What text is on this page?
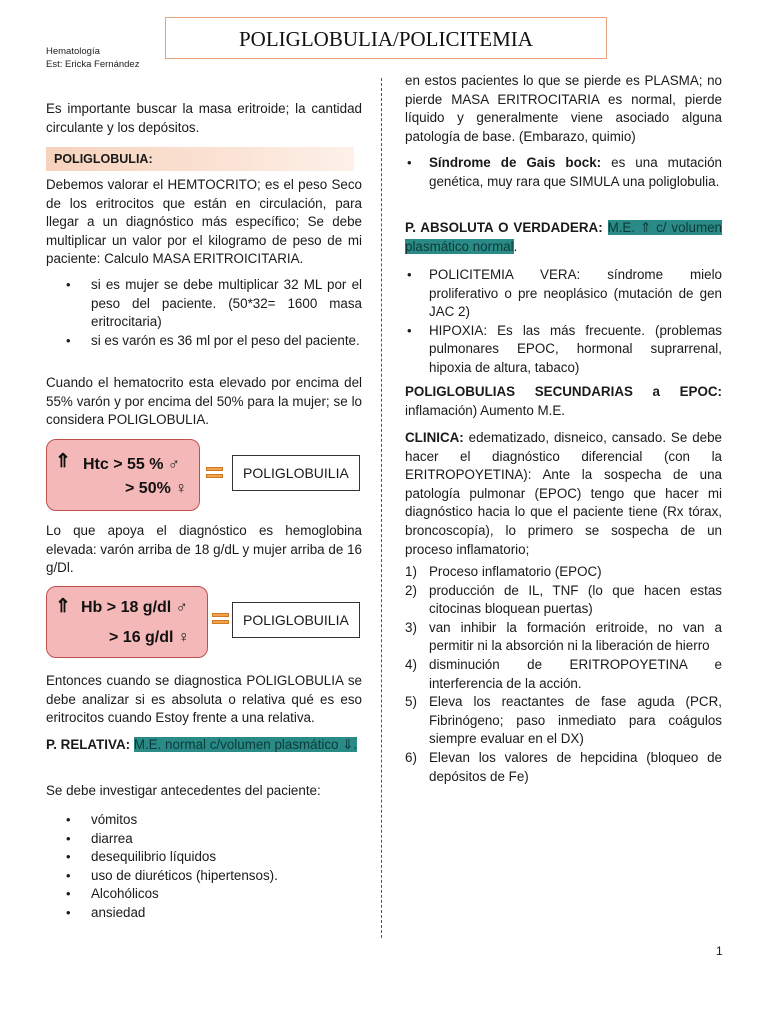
POLIGLOBULIA/POLICITEMIA
Hematología
Est: Ericka Fernández

Es importante buscar la masa eritroide; la cantidad circulante y los depósitos.

POLIGLOBULIA:

Debemos valorar el HEMTOCRITO; es el peso Seco de los eritrocitos que están en circulación, para llegar a un diagnóstico más específico; Se debe multiplicar un valor por el kilogramo de peso de mi paciente: Calculo MASA ERITROICITARIA.

• si es mujer se debe multiplicar 32 ML por el peso del paciente. (50*32= 1600 masa eritrocitaria)
• si es varón es 36 ml por el peso del paciente.

Cuando el hematocrito esta elevado por encima del 55% varón y por encima del 50% para la mujer; se lo considera POLIGLOBULIA.

⇑ Htc > 55 % ♂
> 50% ♀
POLIGLOBUILIA

Lo que apoya el diagnóstico es hemoglobina elevada: varón arriba de 18 g/dL y mujer arriba de 16 g/Dl.

⇑ Hb > 18 g/dl ♂
> 16 g/dl ♀
POLIGLOBUILIA

Entonces cuando se diagnostica POLIGLOBULIA se debe analizar si es absoluta o relativa qué es eso eritrocitos cuando Estoy frente a una relativa.

P. RELATIVA: M.E. normal c/volumen plasmático ⇓.

Se debe investigar antecedentes del paciente:

• vómitos
• diarrea
• desequilibrio líquidos
• uso de diuréticos (hipertensos).
• Alcohólicos
• ansiedad

en estos pacientes lo que se pierde es PLASMA; no pierde MASA ERITROCITARIA es normal, pierde líquido y generalmente viene asociado alguna patología de base. (Embarazo, quimio)

• Síndrome de Gais bock: es una mutación genética, muy rara que SIMULA una poliglobulia.

P. ABSOLUTA O VERDADERA: M.E. ⇑ c/ volumen plasmático normal.

• POLICITEMIA VERA: síndrome mielo proliferativo o pre neoplásico (mutación de gen JAC 2)
• HIPOXIA: Es las más frecuente. (problemas pulmonares EPOC, hormonal suprarrenal, hipoxia de altura, tabaco)

POLIGLOBULIAS SECUNDARIAS a EPOC: inflamación) Aumento M.E.

CLINICA: edematizado, disneico, cansado. Se debe hacer el diagnóstico diferencial (con la ERITROPOYETINA): Ante la sospecha de una patología pulmonar (EPOC) tengo que hacer mi diagnóstico hacia lo que el paciente tiene (Rx tórax, broncoscopía), lo primero se sospecha de un proceso inflamatorio;

1) Proceso inflamatorio (EPOC)
2) producción de IL, TNF (lo que hacen estas citocinas bloquean puertas)
3) van inhibir la formación eritroide, no van a permitir ni la absorción ni la liberación de hierro
4) disminución de ERITROPOYETINA e interferencia de la acción.
5) Eleva los reactantes de fase aguda (PCR, Fibrinógeno; paso inmediato para coágulos siempre evaluar en el DX)
6) Elevan los valores de hepcidina (bloqueo de depósitos de Fe)
1
